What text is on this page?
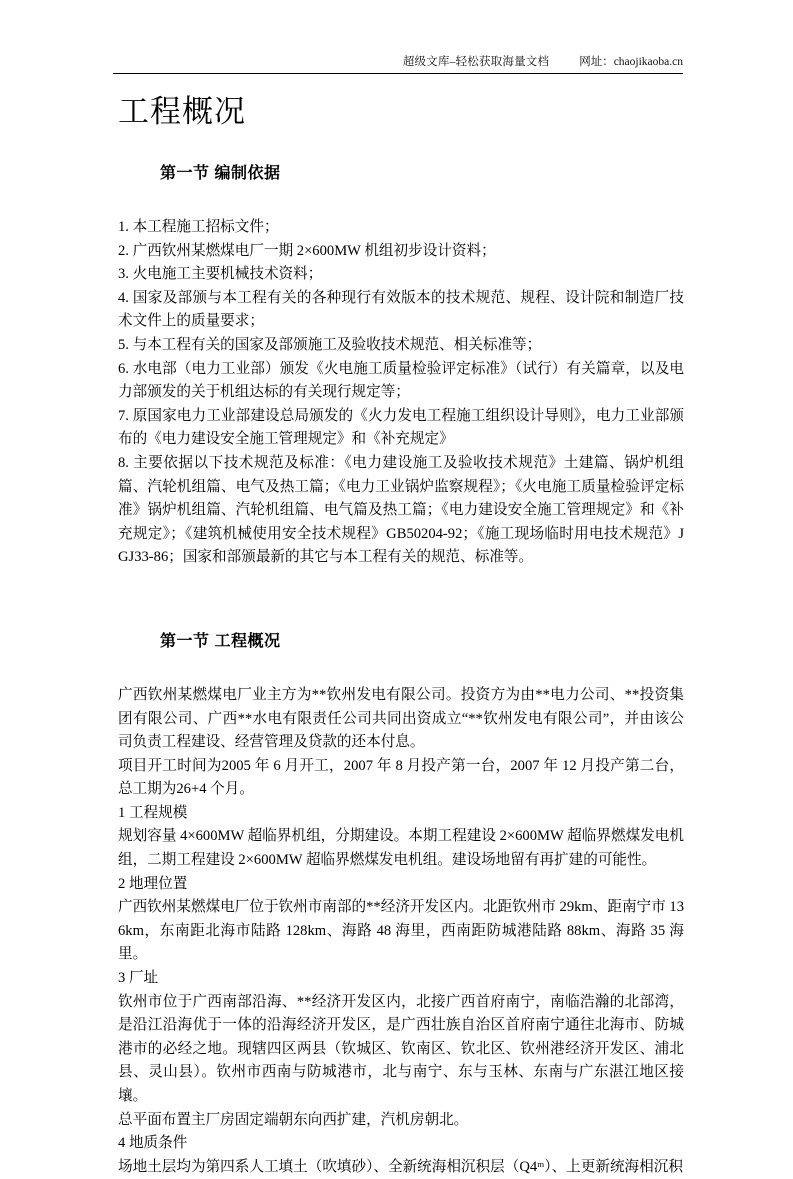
超级文库–轻松获取海量文档	网址：chaojikaoba.cn
工程概况
第一节 编制依据

1. 本工程施工招标文件；

2. 广西钦州某燃煤电厂一期 2×600MW 机组初步设计资料；

3. 火电施工主要机械技术资料；

4. 国家及部颁与本工程有关的各种现行有效版本的技术规范、规程、设计院和制造厂技术文件上的质量要求；

5. 与本工程有关的国家及部颁施工及验收技术规范、相关标准等；

6. 水电部（电力工业部）颁发《火电施工质量检验评定标准》（试行）有关篇章，以及电力部颁发的关于机组达标的有关现行规定等；

7. 原国家电力工业部建设总局颁发的《火力发电工程施工组织设计导则》，电力工业部颁布的《电力建设安全施工管理规定》和《补充规定》

8. 主要依据以下技术规范及标准：《电力建设施工及验收技术规范》土建篇、锅炉机组篇、汽轮机组篇、电气及热工篇；《电力工业锅炉监察规程》；《火电施工质量检验评定标准》锅炉机组篇、汽轮机组篇、电气篇及热工篇；《电力建设安全施工管理规定》和《补充规定》；《建筑机械使用安全技术规程》GB50204-92；《施工现场临时用电技术规范》JGJ33-86；国家和部颁最新的其它与本工程有关的规范、标准等。

第一节 工程概况

广西钦州某燃煤电厂业主方为**钦州发电有限公司。投资方为由**电力公司、**投资集团有限公司、广西**水电有限责任公司共同出资成立“**钦州发电有限公司”，并由该公司负责工程建设、经营管理及贷款的还本付息。

项目开工时间为2005 年 6 月开工，2007 年 8 月投产第一台，2007 年 12 月投产第二台，总工期为26+4 个月。

1 工程规模

规划容量 4×600MW 超临界机组，分期建设。本期工程建设 2×600MW 超临界燃煤发电机组，二期工程建设 2×600MW 超临界燃煤发电机组。建设场地留有再扩建的可能性。

2 地理位置

广西钦州某燃煤电厂位于钦州市南部的**经济开发区内。北距钦州市 29km、距南宁市 136km，东南距北海市陆路 128km、海路 48 海里，西南距防城港陆路 88km、海路 35 海里。

3 厂址

钦州市位于广西南部沿海、**经济开发区内，北接广西首府南宁，南临浩瀚的北部湾，是沿江沿海优于一体的沿海经济开发区，是广西壮族自治区首府南宁通往北海市、防城港市的必经之地。现辖四区两县（钦城区、钦南区、钦北区、钦州港经济开发区、浦北县、灵山县）。钦州市西南与防城港市，北与南宁、东与玉林、东南与广东湛江地区接壤。

总平面布置主厂房固定端朝东向西扩建，汽机房朝北。

4 地质条件

场地土层均为第四系人工填土（吹填砂）、全新统海相沉积层（Q4ᵐ）、上更新统海相沉积
